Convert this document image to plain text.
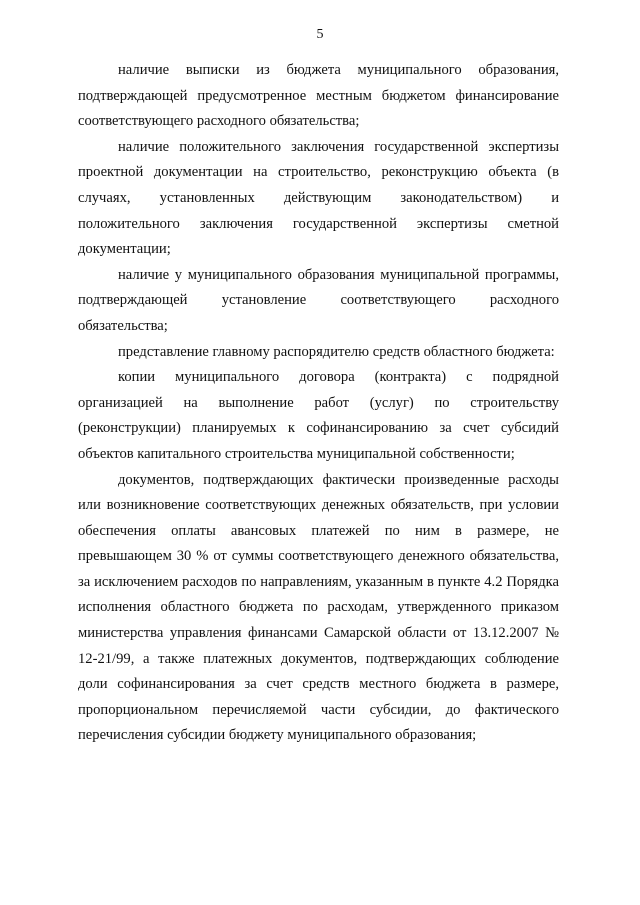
5

наличие выписки из бюджета муниципального образования, подтверждающей предусмотренное местным бюджетом финансирование соответствующего расходного обязательства;

наличие положительного заключения государственной экспертизы проектной документации на строительство, реконструкцию объекта (в случаях, установленных действующим законодательством) и положительного заключения государственной экспертизы сметной документации;

наличие у муниципального образования муниципальной программы, подтверждающей установление соответствующего расходного обязательства;

представление главному распорядителю средств областного бюджета:

копии муниципального договора (контракта) с подрядной организацией на выполнение работ (услуг) по строительству (реконструкции) планируемых к софинансированию за счет субсидий объектов капитального строительства муниципальной собственности;

документов, подтверждающих фактически произведенные расходы или возникновение соответствующих денежных обязательств, при условии обеспечения оплаты авансовых платежей по ним в размере, не превышающем 30 % от суммы соответствующего денежного обязательства, за исключением расходов по направлениям, указанным в пункте 4.2 Порядка исполнения областного бюджета по расходам, утвержденного приказом министерства управления финансами Самарской области от 13.12.2007 № 12-21/99, а также платежных документов, подтверждающих соблюдение доли софинансирования за счет средств местного бюджета в размере, пропорциональном перечисляемой части субсидии, до фактического перечисления субсидии бюджету муниципального образования;
